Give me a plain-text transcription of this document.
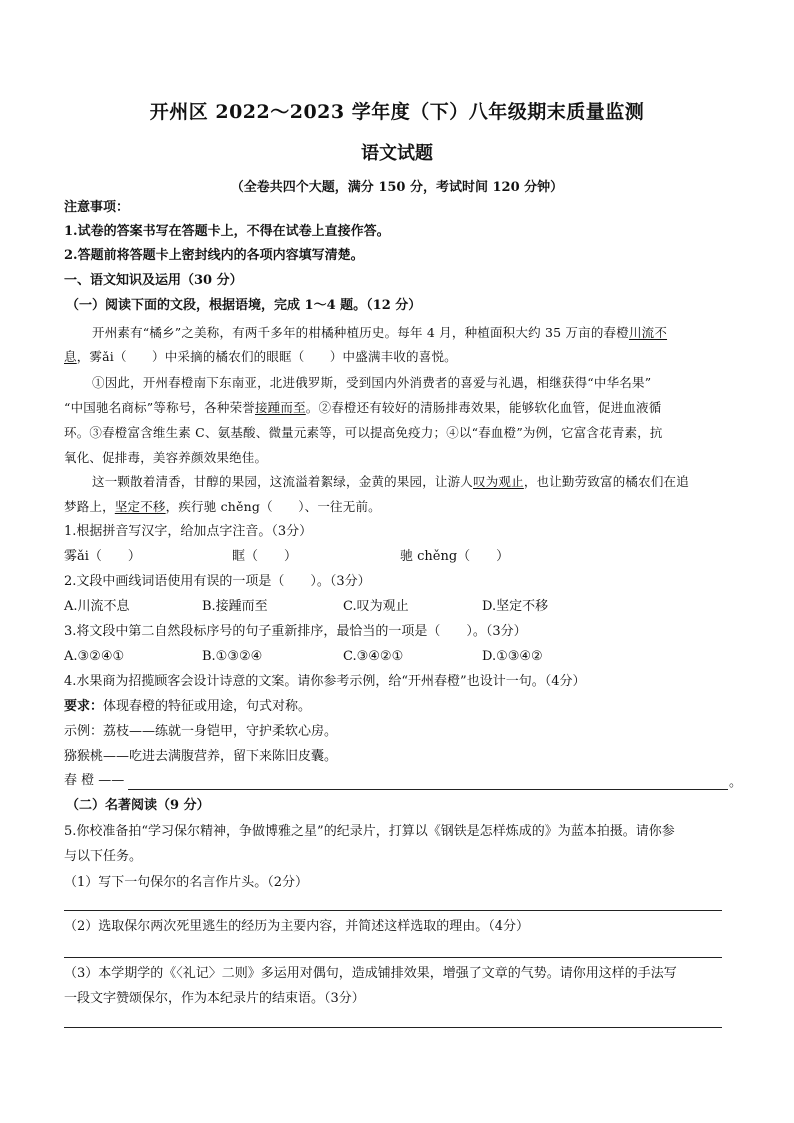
开州区 2022～2023 学年度（下）八年级期末质量监测
语文试题
（全卷共四个大题，满分 150 分，考试时间 120 分钟）
注意事项：
1.试卷的答案书写在答题卡上，不得在试卷上直接作答。
2.答题前将答题卡上密封线内的各项内容填写清楚。
一、语文知识及运用（30 分）
（一）阅读下面的文段，根据语境，完成 1～4 题。（12 分）
开州素有“橘乡”之美称，有两千多年的柑橘种植历史。每年 4 月，种植面积大约 35 万亩的春橙川流不
息，雾ǎi（　　）中采摘的橘农们的眼眶（　　）中盛满丰收的喜悦。
①因此，开州春橙南下东南亚，北进俄罗斯，受到国内外消费者的喜爱与礼遇，相继获得“中华名果”
“中国驰名商标”等称号，各种荣誉接踵而至。②春橙还有较好的清肠排毒效果，能够软化血管，促进血液循
环。③春橙富含维生素 C、氨基酸、微量元素等，可以提高免疫力；④以“春血橙”为例，它富含花青素，抗
氧化、促排毒，美容养颜效果绝佳。
这一颗散着清香，甘醇的果园，这流溢着絮绿，金黄的果园，让游人叹为观止，也让勤劳致富的橘农们在追
梦路上，坚定不移，疾行驰 chěng（　　）、一往无前。
1.根据拼音写汉字，给加点字注音。（3分）
雾ǎi（　　）	眶（　　）	驰 chěng（　　）
2.文段中画线词语使用有误的一项是（　　）。（3分）
A.川流不息	B.接踵而至	C.叹为观止	D.坚定不移
3.将文段中第二自然段标序号的句子重新排序，最恰当的一项是（　　）。（3分）
A.③②④①	B.①③②④	C.③④②①	D.①③④②
4.水果商为招揽顾客会设计诗意的文案。请你参考示例，给“开州春橙”也设计一句。（4分）
要求：体现春橙的特征或用途，句式对称。
示例：荔枝——练就一身铠甲，守护柔软心房。
猕猴桃——吃进去满腹营养，留下来陈旧皮囊。
春 橙 ——	。
（二）名著阅读（9 分）
5.你校准备拍“学习保尔精神，争做博雅之星”的纪录片，打算以《钢铁是怎样炼成的》为蓝本拍摄。请你参
与以下任务。
（1）写下一句保尔的名言作片头。（2分）
（2）选取保尔两次死里逃生的经历为主要内容，并简述这样选取的理由。（4分）
（3）本学期学的《〈礼记〉二则》多运用对偶句，造成铺排效果，增强了文章的气势。请你用这样的手法写
一段文字赞颂保尔，作为本纪录片的结束语。（3分）
